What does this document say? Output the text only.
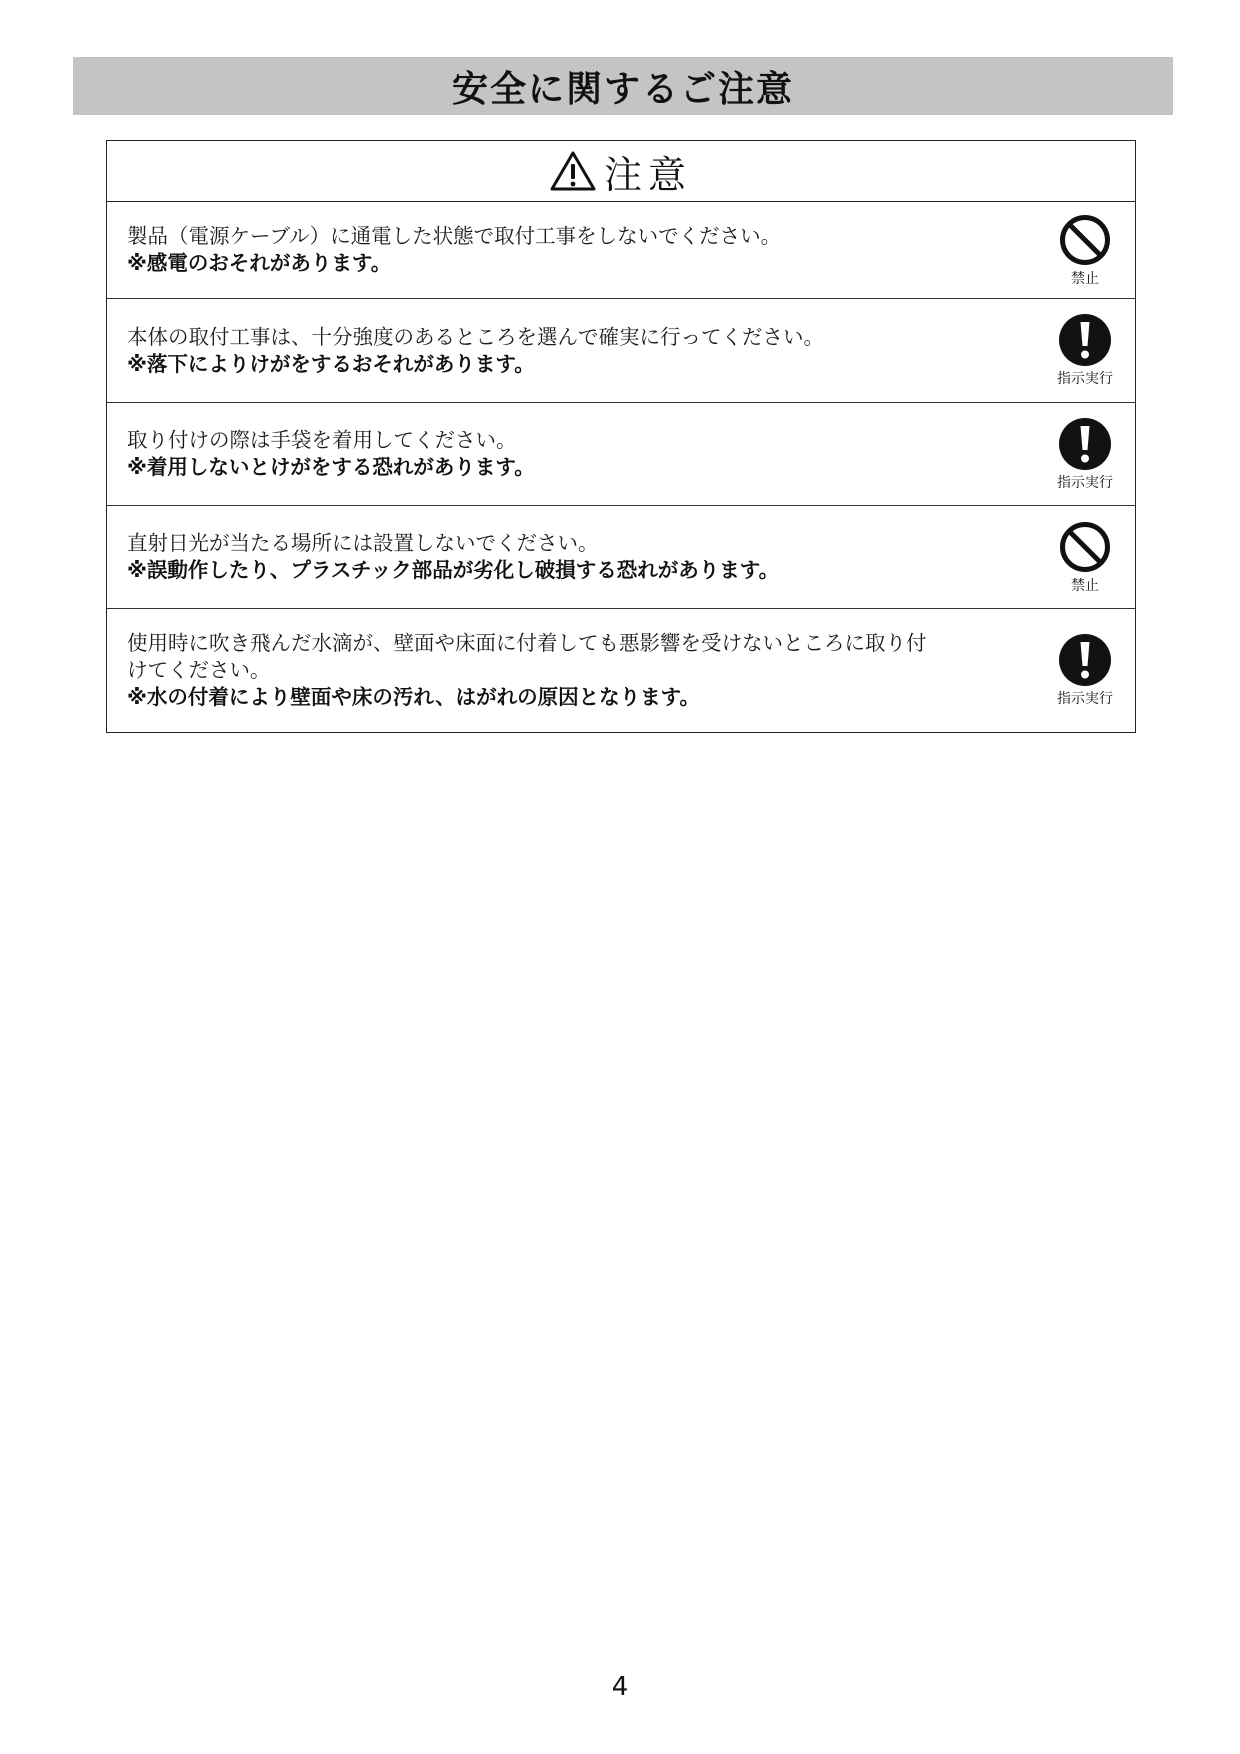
安全に関するご注意
注意
製品（電源ケーブル）に通電した状態で取付工事をしないでください。
※感電のおそれがあります。
禁止
本体の取付工事は、十分強度のあるところを選んで確実に行ってください。
※落下によりけがをするおそれがあります。
指示実行
取り付けの際は手袋を着用してください。
※着用しないとけがをする恐れがあります。
指示実行
直射日光が当たる場所には設置しないでください。
※誤動作したり、プラスチック部品が劣化し破損する恐れがあります。
禁止
使用時に吹き飛んだ水滴が、壁面や床面に付着しても悪影響を受けないところに取り付
けてください。
※水の付着により壁面や床の汚れ、はがれの原因となります。	指示実行
4
